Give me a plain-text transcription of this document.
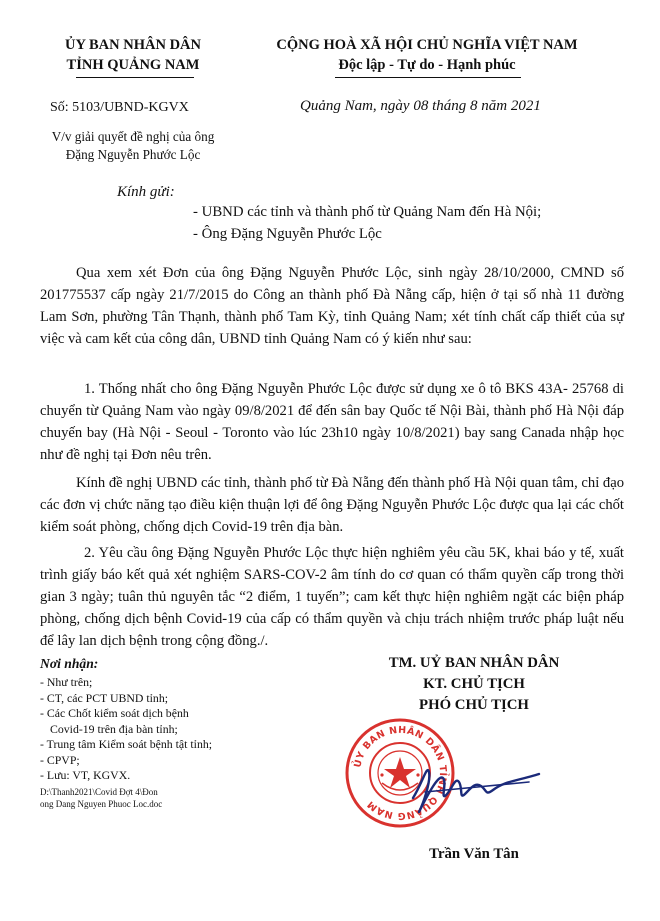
ỦY BAN NHÂN DÂN
TỈNH QUẢNG NAM
CỘNG HOÀ XÃ HỘI CHỦ NGHĨA VIỆT NAM
Độc lập - Tự do - Hạnh phúc
Số: 5103/UBND-KGVX	Quảng Nam, ngày 08 tháng 8 năm 2021
V/v giải quyết đề nghị của ông
Đặng Nguyễn Phước Lộc
Kính gửi:
- UBND các tỉnh và thành phố từ Quảng Nam đến Hà Nội;
- Ông Đặng Nguyễn Phước Lộc
Qua xem xét Đơn của ông Đặng Nguyễn Phước Lộc, sinh ngày 28/10/2000, CMND số 201775537 cấp ngày 21/7/2015 do Công an thành phố Đà Nẵng cấp, hiện ở tại số nhà 11 đường Lam Sơn, phường Tân Thạnh, thành phố Tam Kỳ, tỉnh Quảng Nam; xét tính chất cấp thiết của sự việc và cam kết của công dân, UBND tỉnh Quảng Nam có ý kiến như sau:
1. Thống nhất cho ông Đặng Nguyễn Phước Lộc được sử dụng xe ô tô BKS 43A- 25768 di chuyển từ Quảng Nam vào ngày 09/8/2021 để đến sân bay Quốc tế Nội Bài, thành phố Hà Nội đáp chuyến bay (Hà Nội - Seoul - Toronto vào lúc 23h10 ngày 10/8/2021) bay sang Canada nhập học như đề nghị tại Đơn nêu trên.
Kính đề nghị UBND các tỉnh, thành phố từ Đà Nẵng đến thành phố Hà Nội quan tâm, chỉ đạo các đơn vị chức năng tạo điều kiện thuận lợi để ông Đặng Nguyễn Phước Lộc được qua lại các chốt kiểm soát phòng, chống dịch Covid-19 trên địa bàn.
2. Yêu cầu ông Đặng Nguyễn Phước Lộc thực hiện nghiêm yêu cầu 5K, khai báo y tế, xuất trình giấy báo kết quả xét nghiệm SARS-COV-2 âm tính do cơ quan có thẩm quyền cấp trong thời gian 3 ngày; tuân thủ nguyên tắc “2 điểm, 1 tuyến”; cam kết thực hiện nghiêm ngặt các biện pháp phòng, chống dịch bệnh Covid-19 của cấp có thẩm quyền và chịu trách nhiệm trước pháp luật nếu để lây lan dịch bệnh trong cộng đồng./.
Nơi nhận:
- Như trên;
- CT, các PCT UBND tỉnh;
- Các Chốt kiểm soát dịch bệnh
Covid-19 trên địa bàn tỉnh;
- Trung tâm Kiểm soát bệnh tật tỉnh;
- CPVP;
- Lưu: VT, KGVX.
D:\Thanh2021\Covid Đợt 4\Đon
ong Dang Nguyen Phuoc Loc.doc
TM. UỶ BAN NHÂN DÂN
KT. CHỦ TỊCH
PHÓ CHỦ TỊCH
ỦY BAN NHÂN DÂN TỈNH QUẢNG NAM
Trần Văn Tân
